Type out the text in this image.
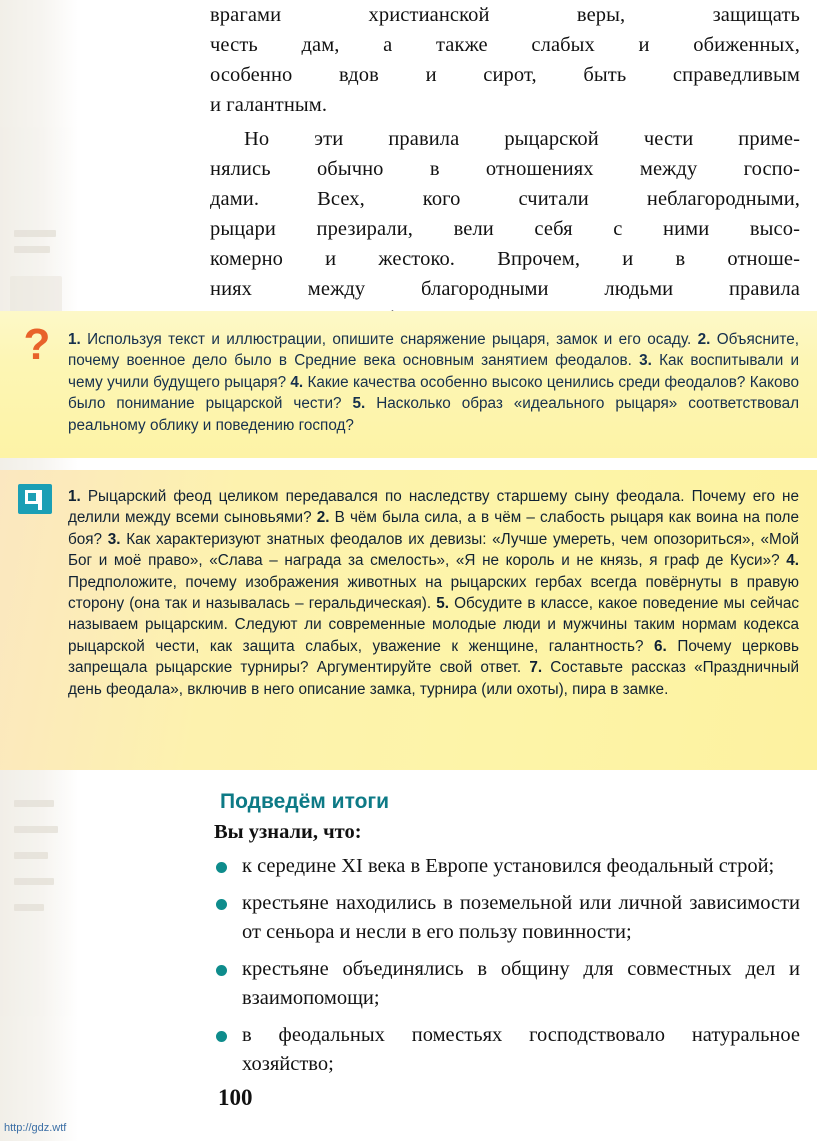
врагами христианской веры, защищать

честь дам, а также слабых и обиженных,

особенно вдов и сирот, быть справедливым

и галантным.

Но эти правила рыцарской чести приме-

нялись обычно в отношениях между госпо-

дами. Всех, кого считали неблагородными,

рыцари презирали, вели себя с ними высо-

комерно и жестоко. Впрочем, и в отноше-

ниях между благородными людьми правила

? 1. Используя текст и иллюстрации, опишите снаряжение рыцаря, замок и его осаду. 2. Объясните, почему военное дело было в Средние века основным занятием феодалов. 3. Как воспитывали и чему учили будущего рыцаря? 4. Какие качества особенно высоко ценились среди феодалов? Каково было понимание рыцарской чести? 5. Насколько образ «идеального рыцаря» соответствовал реальному облику и поведению господ?
1. Рыцарский феод целиком передавался по наследству старшему сыну феодала. Почему его не делили между всеми сыновьями? 2. В чём была сила, а в чём – слабость рыцаря как воина на поле боя? 3. Как характеризуют знатных феодалов их девизы: «Лучше умереть, чем опозориться», «Мой Бог и моё право», «Слава – награда за смелость», «Я не король и не князь, я граф де Куси»? 4. Предположите, почему изображения животных на рыцарских гербах всегда повёрнуты в правую сторону (она так и называлась – геральдическая). 5. Обсудите в классе, какое поведение мы сейчас называем рыцарским. Следуют ли современные молодые люди и мужчины таким нормам кодекса рыцарской чести, как защита слабых, уважение к женщине, галантность? 6. Почему церковь запрещала рыцарские турниры? Аргументируйте свой ответ. 7. Составьте рассказ «Праздничный день феодала», включив в него описание замка, турнира (или охоты), пира в замке.
Подведём итоги
Вы узнали, что:
к середине XI века в Европе установился феодальный строй;
крестьяне находились в поземельной или личной зависимости от сеньора и несли в его пользу повинности;
крестьяне объединялись в общину для совместных дел и взаимопомощи;
в феодальных поместьях господствовало натуральное хозяйство;
100
http://gdz.wtf
